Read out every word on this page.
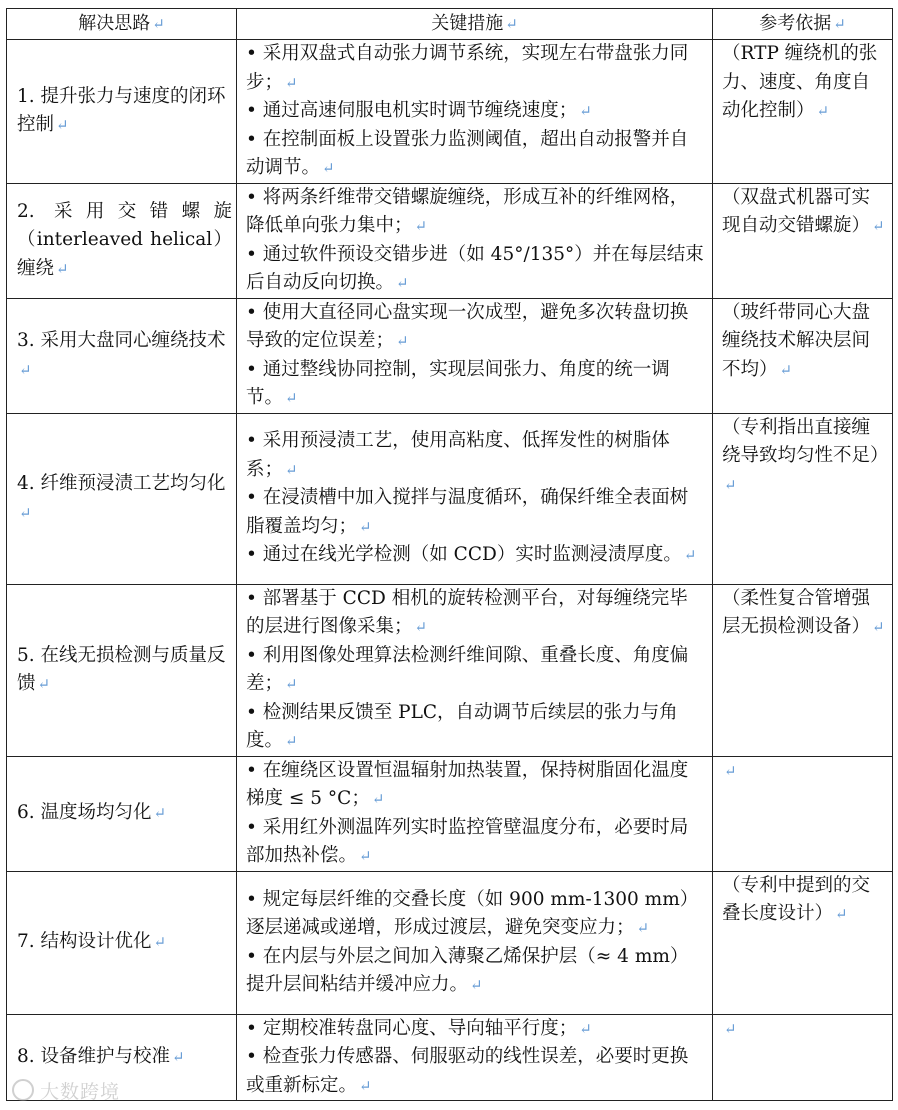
解决思路 ↵	关键措施 ↵	参考依据 ↵
1. 提升张力与速度的闭环控制 ↵	• 采用双盘式自动张力调节系统，实现左右带盘张力同步； ↵
• 通过高速伺服电机实时调节缠绕速度； ↵
• 在控制面板上设置张力监测阈值，超出自动报警并自动调节。 ↵	（RTP 缠绕机的张力、速度、角度自动化控制） ↵
2. 采用交错螺旋（interleaved helical）缠绕 ↵	• 将两条纤维带交错螺旋缠绕，形成互补的纤维网格，降低单向张力集中； ↵
• 通过软件预设交错步进（如 45°/135°）并在每层结束后自动反向切换。 ↵	（双盘式机器可实现自动交错螺旋） ↵
3. 采用大盘同心缠绕技术↵	• 使用大直径同心盘实现一次成型，避免多次转盘切换导致的定位误差； ↵
• 通过整线协同控制，实现层间张力、角度的统一调节。 ↵	（玻纤带同心大盘缠绕技术解决层间不均） ↵
4. 纤维预浸渍工艺均匀化↵	• 采用预浸渍工艺，使用高粘度、低挥发性的树脂体系； ↵
• 在浸渍槽中加入搅拌与温度循环，确保纤维全表面树脂覆盖均匀； ↵
• 通过在线光学检测（如 CCD）实时监测浸渍厚度。 ↵	（专利指出直接缠绕导致均匀性不足）↵
5. 在线无损检测与质量反馈 ↵	• 部署基于 CCD 相机的旋转检测平台，对每缠绕完毕的层进行图像采集； ↵
• 利用图像处理算法检测纤维间隙、重叠长度、角度偏差； ↵
• 检测结果反馈至 PLC，自动调节后续层的张力与角度。 ↵	（柔性复合管增强层无损检测设备） ↵
6. 温度场均匀化 ↵	• 在缠绕区设置恒温辐射加热装置，保持树脂固化温度梯度 ≤ 5 °C； ↵
• 采用红外测温阵列实时监控管壁温度分布，必要时局部加热补偿。 ↵	↵
7. 结构设计优化 ↵	• 规定每层纤维的交叠长度（如 900 mm-1300 mm）逐层递减或递增，形成过渡层，避免突变应力； ↵
• 在内层与外层之间加入薄聚乙烯保护层（≈ 4 mm）提升层间粘结并缓冲应力。 ↵	（专利中提到的交叠长度设计） ↵
8. 设备维护与校准 ↵	• 定期校准转盘同心度、导向轴平行度； ↵
• 检查张力传感器、伺服驱动的线性误差，必要时更换或重新标定。 ↵	↵
大数跨境
